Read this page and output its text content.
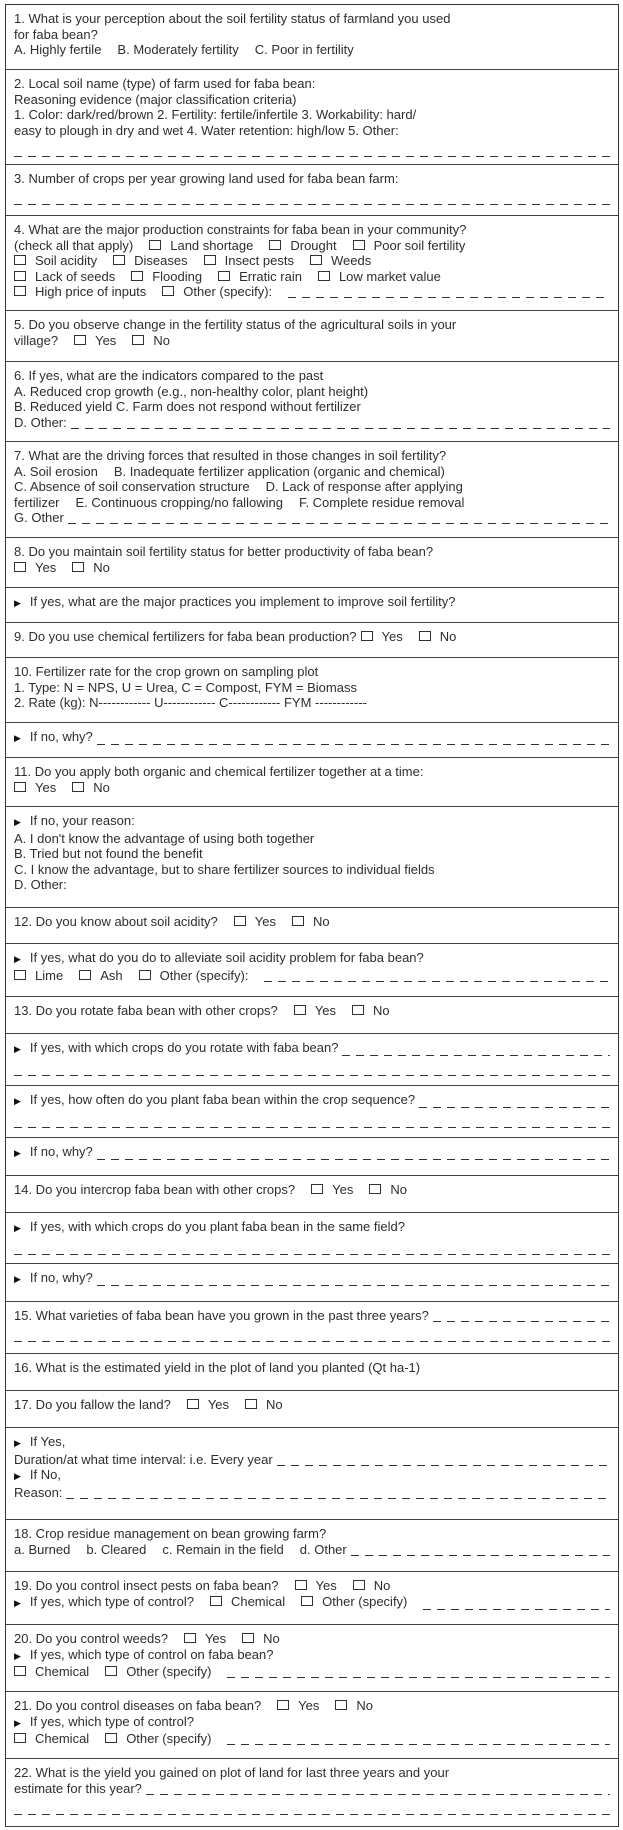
1. What is your perception about the soil fertility status of farmland you used
for faba bean?
A. Highly fertile B. Moderately fertility C. Poor in fertility
2. Local soil name (type) of farm used for faba bean:
Reasoning evidence (major classification criteria)
1. Color: dark/red/brown 2. Fertility: fertile/infertile 3. Workability: hard/
easy to plough in dry and wet 4. Water retention: high/low 5. Other:
3. Number of crops per year growing land used for faba bean farm:
4. What are the major production constraints for faba bean in your community?
(check all that apply)	Land shortage	Drought	Poor soil fertility
Soil acidity	Diseases	Insect pests	Weeds
Lack of seeds	Flooding	Erratic rain	Low market value
High price of inputs	Other (specify):
5. Do you observe change in the fertility status of the agricultural soils in your
village?	Yes	No
6. If yes, what are the indicators compared to the past
A. Reduced crop growth (e.g., non-healthy color, plant height)
B. Reduced yield C. Farm does not respond without fertilizer
D. Other:
7. What are the driving forces that resulted in those changes in soil fertility?
A. Soil erosion B. Inadequate fertilizer application (organic and chemical)
C. Absence of soil conservation structure D. Lack of response after applying
fertilizer E. Continuous cropping/no fallowing F. Complete residue removal
G. Other
8. Do you maintain soil fertility status for better productivity of faba bean?
Yes	No
▶ If yes, what are the major practices you implement to improve soil fertility?
9. Do you use chemical fertilizers for faba bean production? Yes	No
10. Fertilizer rate for the crop grown on sampling plot
1. Type: N = NPS, U = Urea, C = Compost, FYM = Biomass
2. Rate (kg): N------------ U------------ C------------ FYM ------------
▶ If no, why?
11. Do you apply both organic and chemical fertilizer together at a time:
Yes	No
▶ If no, your reason:
A. I don't know the advantage of using both together
B. Tried but not found the benefit
C. I know the advantage, but to share fertilizer sources to individual fields
D. Other:
12. Do you know about soil acidity?	Yes	No
▶ If yes, what do you do to alleviate soil acidity problem for faba bean?
Lime	Ash	Other (specify):
13. Do you rotate faba bean with other crops?	Yes	No
▶ If yes, with which crops do you rotate with faba bean?
▶ If yes, how often do you plant faba bean within the crop sequence?
▶ If no, why?
14. Do you intercrop faba bean with other crops?	Yes	No
▶ If yes, with which crops do you plant faba bean in the same field?
▶ If no, why?
15. What varieties of faba bean have you grown in the past three years?
16. What is the estimated yield in the plot of land you planted (Qt ha-1)
17. Do you fallow the land?	Yes	No
▶ If Yes,
Duration/at what time interval: i.e. Every year
▶ If No,
Reason:
18. Crop residue management on bean growing farm?
a. Burned b. Cleared c. Remain in the field d. Other
19. Do you control insect pests on faba bean?	Yes	No
▶ If yes, which type of control?	Chemical	Other (specify)
20. Do you control weeds?	Yes	No
▶ If yes, which type of control on faba bean?
Chemical	Other (specify)
21. Do you control diseases on faba bean?	Yes	No
▶ If yes, which type of control?
Chemical	Other (specify)
22. What is the yield you gained on plot of land for last three years and your
estimate for this year?
